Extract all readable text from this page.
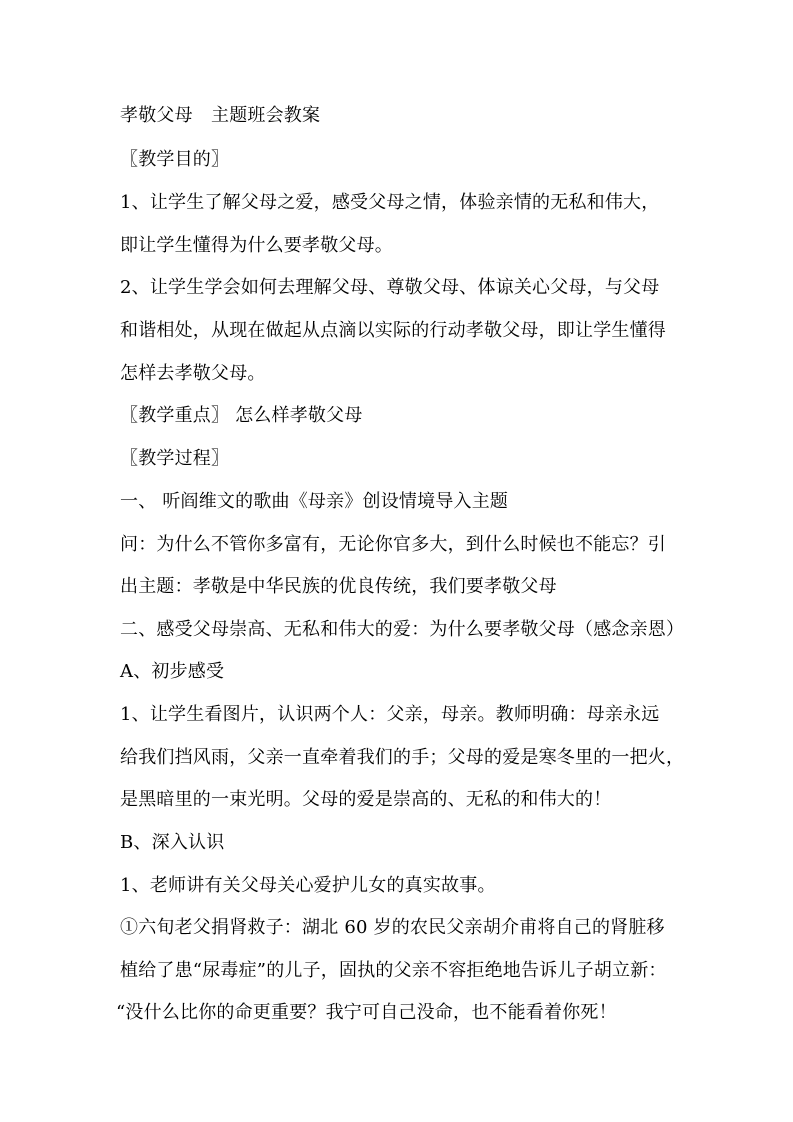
孝敬父母　主题班会教案
〖教学目的〗
1、让学生了解父母之爱，感受父母之情，体验亲情的无私和伟大，
即让学生懂得为什么要孝敬父母。
2、让学生学会如何去理解父母、尊敬父母、体谅关心父母，与父母
和谐相处，从现在做起从点滴以实际的行动孝敬父母，即让学生懂得
怎样去孝敬父母。
〖教学重点〗 怎么样孝敬父母
〖教学过程〗
一、 听阎维文的歌曲《母亲》创设情境导入主题
问：为什么不管你多富有，无论你官多大，到什么时候也不能忘？引
出主题：孝敬是中华民族的优良传统，我们要孝敬父母
二、感受父母崇高、无私和伟大的爱：为什么要孝敬父母（感念亲恩）
A、初步感受
1、让学生看图片，认识两个人：父亲，母亲。教师明确：母亲永远
给我们挡风雨，父亲一直牵着我们的手；父母的爱是寒冬里的一把火，
是黑暗里的一束光明。父母的爱是崇高的、无私的和伟大的！
B、深入认识
1、老师讲有关父母关心爱护儿女的真实故事。
①六旬老父捐肾救子：湖北 60 岁的农民父亲胡介甫将自己的肾脏移
植给了患“尿毒症”的儿子，固执的父亲不容拒绝地告诉儿子胡立新：
“没什么比你的命更重要？我宁可自己没命，也不能看着你死！
